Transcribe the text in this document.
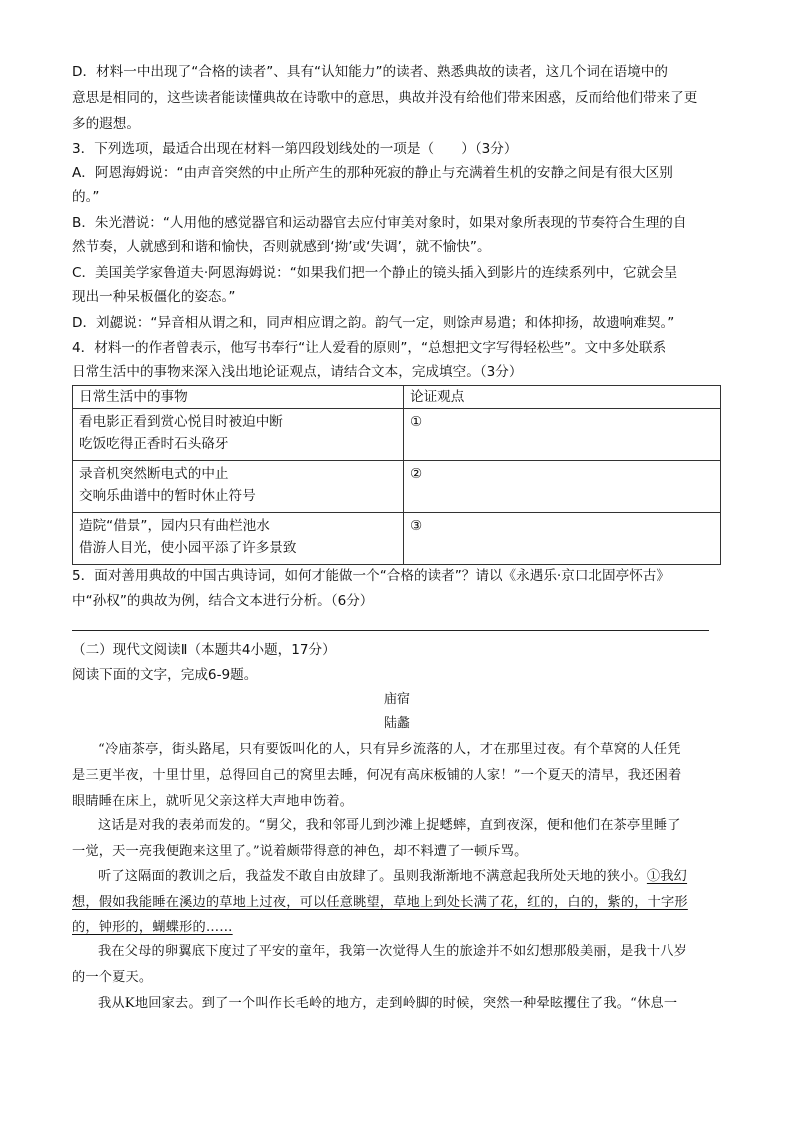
D．材料一中出现了“合格的读者”、具有“认知能力”的读者、熟悉典故的读者，这几个词在语境中的
意思是相同的，这些读者能读懂典故在诗歌中的意思，典故并没有给他们带来困惑，反而给他们带来了更
多的遐想。
3．下列选项，最适合出现在材料一第四段划线处的一项是（　　）（3分）
A．阿恩海姆说：“由声音突然的中止所产生的那种死寂的静止与充满着生机的安静之间是有很大区别
的。”
B．朱光潜说：“人用他的感觉器官和运动器官去应付审美对象时，如果对象所表现的节奏符合生理的自
然节奏，人就感到和谐和愉快，否则就感到‘拗’或‘失调’，就不愉快”。
C．美国美学家鲁道夫·阿恩海姆说：“如果我们把一个静止的镜头插入到影片的连续系列中，它就会呈
现出一种呆板僵化的姿态。”
D．刘勰说：“异音相从谓之和，同声相应谓之韵。韵气一定，则馀声易遣；和体抑扬，故遗响难契。”
4．材料一的作者曾表示，他写书奉行“让人爱看的原则”，“总想把文字写得轻松些”。文中多处联系
日常生活中的事物来深入浅出地论证观点，请结合文本，完成填空。（3分）
日常生活中的事物	论证观点

看电影正看到赏心悦目时被迫中断
吃饭吃得正香时石头硌牙	①

录音机突然断电式的中止
交响乐曲谱中的暂时休止符号	②

造院“借景”，园内只有曲栏池水
借游人目光，使小园平添了许多景致	③
5．面对善用典故的中国古典诗词，如何才能做一个“合格的读者”？请以《永遇乐·京口北固亭怀古》
中“孙权”的典故为例，结合文本进行分析。（6分）
（二）现代文阅读Ⅱ（本题共4小题，17分）
阅读下面的文字，完成6-9题。
庙宿
陆蠡
“冷庙茶亭，街头路尾，只有要饭叫化的人，只有异乡流落的人，才在那里过夜。有个草窝的人任凭
是三更半夜，十里廿里，总得回自己的窝里去睡，何况有高床板铺的人家！”一个夏天的清早，我还困着
眼睛睡在床上，就听见父亲这样大声地申饬着。
这话是对我的表弟而发的。“舅父，我和邻哥儿到沙滩上捉蟋蟀，直到夜深，便和他们在茶亭里睡了
一觉，天一亮我便跑来这里了。”说着颇带得意的神色，却不料遭了一顿斥骂。
听了这隔面的教训之后，我益发不敢自由放肆了。虽则我渐渐地不满意起我所处天地的狭小。①我幻
想，假如我能睡在溪边的草地上过夜，可以任意眺望，草地上到处长满了花，红的，白的，紫的，十字形
的，钟形的，蝴蝶形的……
我在父母的卵翼底下度过了平安的童年，我第一次觉得人生的旅途并不如幻想那般美丽，是我十八岁
的一个夏天。
我从K地回家去。到了一个叫作长毛岭的地方，走到岭脚的时候，突然一种晕眩攫住了我。“休息一
